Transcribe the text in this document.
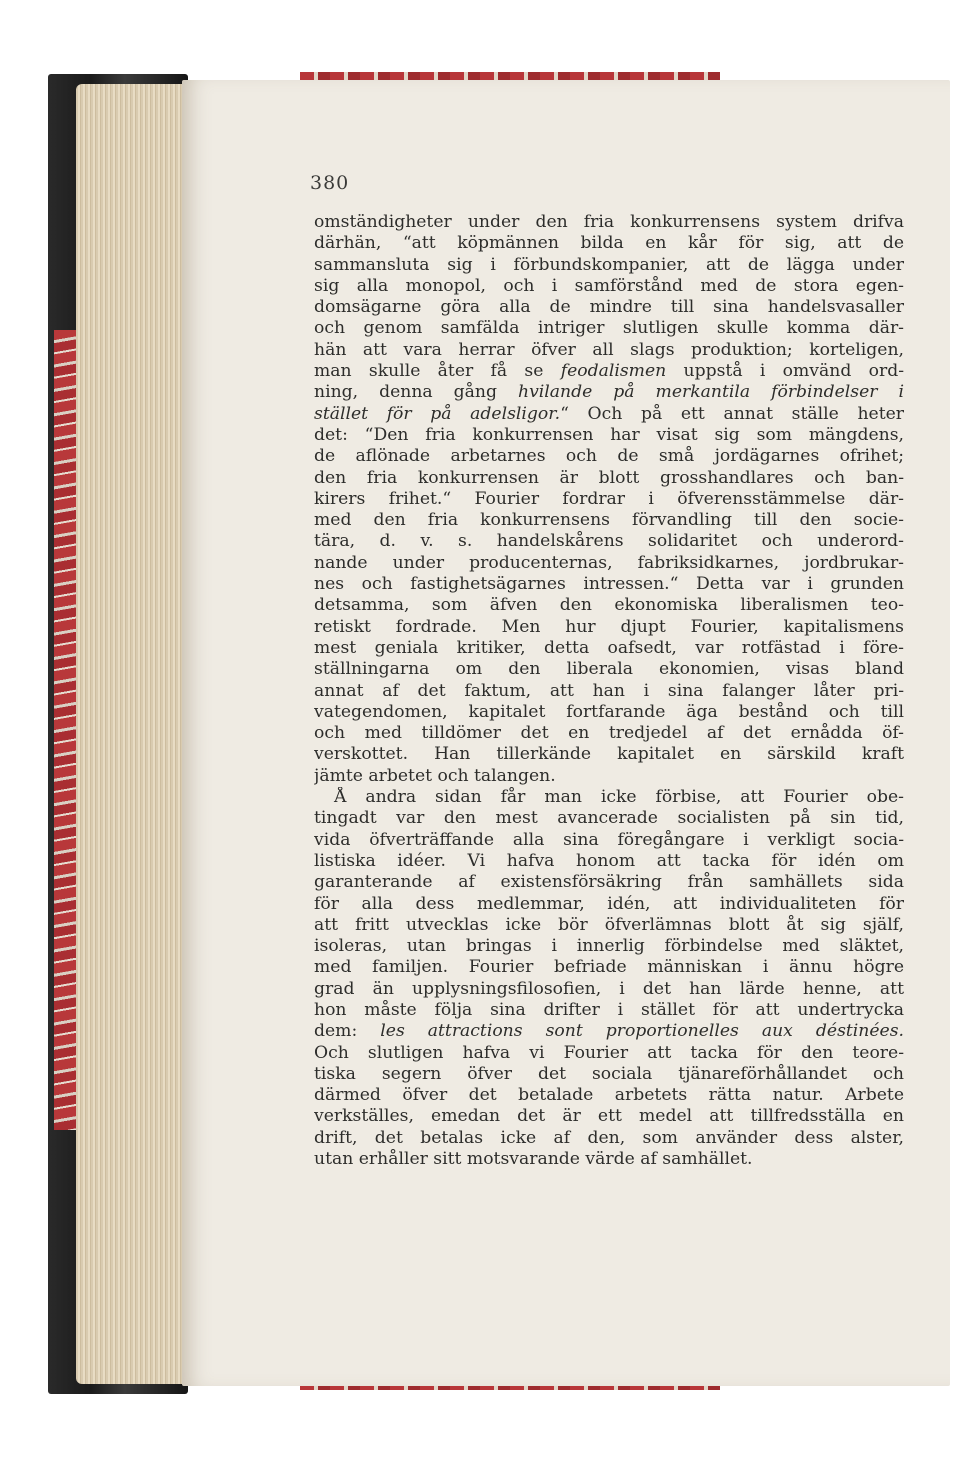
380
omständigheter under den fria konkurrensens system drifva
därhän, “att köpmännen bilda en kår för sig, att de
sammansluta sig i förbundskompanier, att de lägga under
sig alla monopol, och i samförstånd med de stora egen-
domsägarne göra alla de mindre till sina handelsvasaller
och genom samfälda intriger slutligen skulle komma där-
hän att vara herrar öfver all slags produktion; korteligen,
man skulle åter få se feodalismen uppstå i omvänd ord-
ning, denna gång hvilande på merkantila förbindelser i
stället för på adelsligor.“ Och på ett annat ställe heter
det: “Den fria konkurrensen har visat sig som mängdens,
de aflönade arbetarnes och de små jordägarnes ofrihet;
den fria konkurrensen är blott grosshandlares och ban-
kirers frihet.“ Fourier fordrar i öfverensstämmelse där-
med den fria konkurrensens förvandling till den socie-
tära, d. v. s. handelskårens solidaritet och underord-
nande under producenternas, fabriksidkarnes, jordbrukar-
nes och fastighetsägarnes intressen.“ Detta var i grunden
detsamma, som äfven den ekonomiska liberalismen teo-
retiskt fordrade. Men hur djupt Fourier, kapitalismens
mest geniala kritiker, detta oafsedt, var rotfästad i före-
ställningarna om den liberala ekonomien, visas bland
annat af det faktum, att han i sina falanger låter pri-
vategendomen, kapitalet fortfarande äga bestånd och till
och med tilldömer det en tredjedel af det ernådda öf-
verskottet. Han tillerkände kapitalet en särskild kraft
jämte arbetet och talangen.
Å andra sidan får man icke förbise, att Fourier obe-
tingadt var den mest avancerade socialisten på sin tid,
vida öfverträffande alla sina föregångare i verkligt socia-
listiska idéer. Vi hafva honom att tacka för idén om
garanterande af existensförsäkring från samhällets sida
för alla dess medlemmar, idén, att individualiteten för
att fritt utvecklas icke bör öfverlämnas blott åt sig själf,
isoleras, utan bringas i innerlig förbindelse med släktet,
med familjen. Fourier befriade människan i ännu högre
grad än upplysningsfilosofien, i det han lärde henne, att
hon måste följa sina drifter i stället för att undertrycka
dem: les attractions sont proportionelles aux déstinées.
Och slutligen hafva vi Fourier att tacka för den teore-
tiska segern öfver det sociala tjänareförhållandet och
därmed öfver det betalade arbetets rätta natur. Arbete
verkställes, emedan det är ett medel att tillfredsställa en
drift, det betalas icke af den, som använder dess alster,
utan erhåller sitt motsvarande värde af samhället.
